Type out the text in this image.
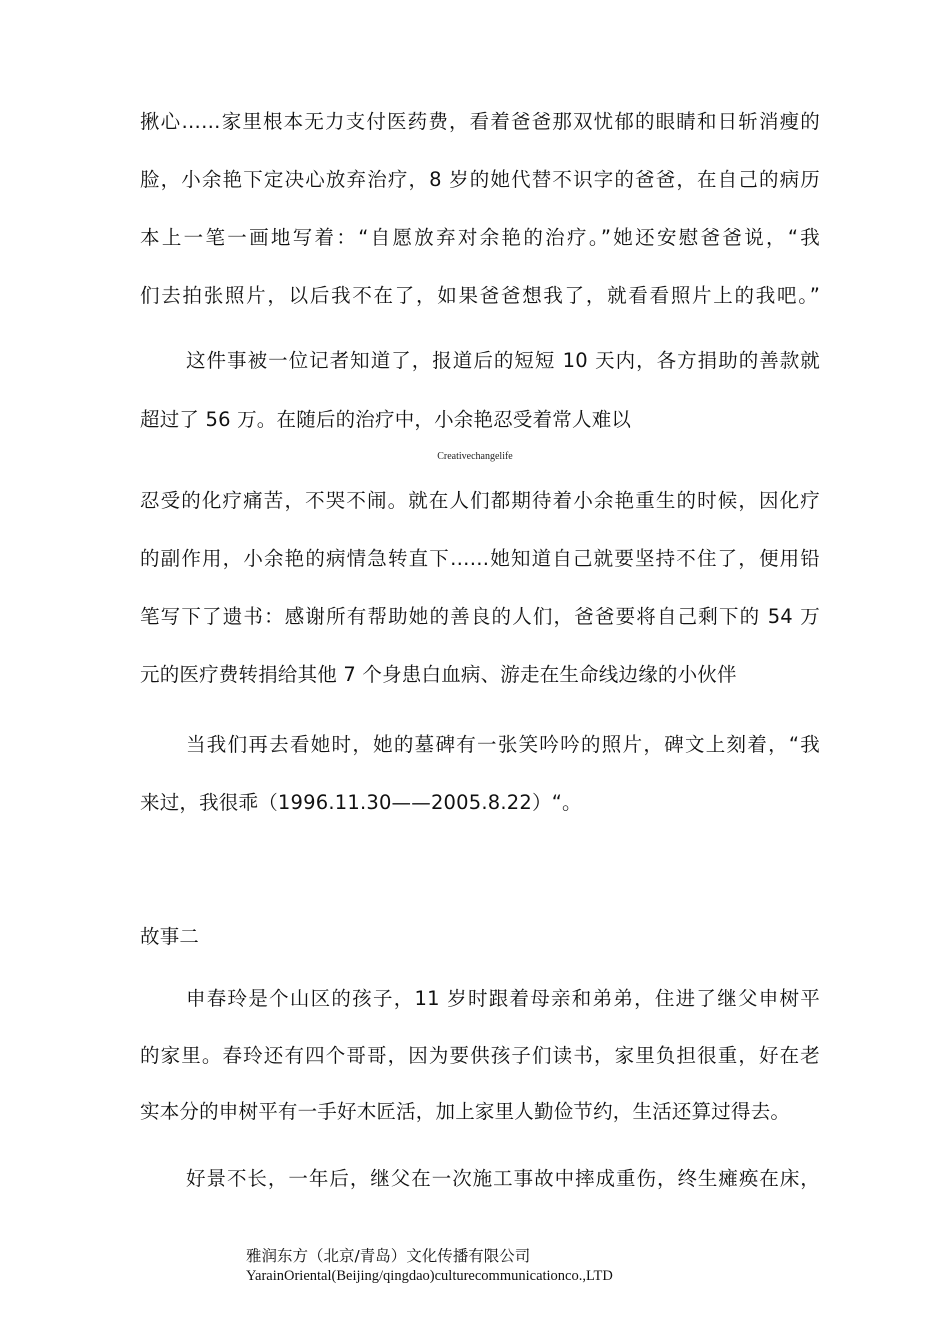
揪心……家里根本无力支付医药费，看着爸爸那双忧郁的眼睛和日斩消瘦的
脸，小余艳下定决心放弃治疗，8 岁的她代替不识字的爸爸，在自己的病历
本上一笔一画地写着：“自愿放弃对余艳的治疗。”她还安慰爸爸说，“我
们去拍张照片，以后我不在了，如果爸爸想我了，就看看照片上的我吧。”
这件事被一位记者知道了，报道后的短短 10 天内，各方捐助的善款就
超过了 56 万。在随后的治疗中，小余艳忍受着常人难以
Creativechangelife
忍受的化疗痛苦，不哭不闹。就在人们都期待着小余艳重生的时候，因化疗
的副作用，小余艳的病情急转直下……她知道自己就要坚持不住了，便用铅
笔写下了遗书：感谢所有帮助她的善良的人们，爸爸要将自己剩下的 54 万
元的医疗费转捐给其他 7 个身患白血病、游走在生命线边缘的小伙伴
当我们再去看她时，她的墓碑有一张笑吟吟的照片，碑文上刻着，“我
来过，我很乖（1996.11.30——2005.8.22）“。
故事二
申春玲是个山区的孩子，11 岁时跟着母亲和弟弟，住进了继父申树平
的家里。春玲还有四个哥哥，因为要供孩子们读书，家里负担很重，好在老
实本分的申树平有一手好木匠活，加上家里人勤俭节约，生活还算过得去。
好景不长，一年后，继父在一次施工事故中摔成重伤，终生瘫痪在床，
雅润东方（北京/青岛）文化传播有限公司
YarainOriental(Beijing/qingdao)culturecommunicationco.,LTD
